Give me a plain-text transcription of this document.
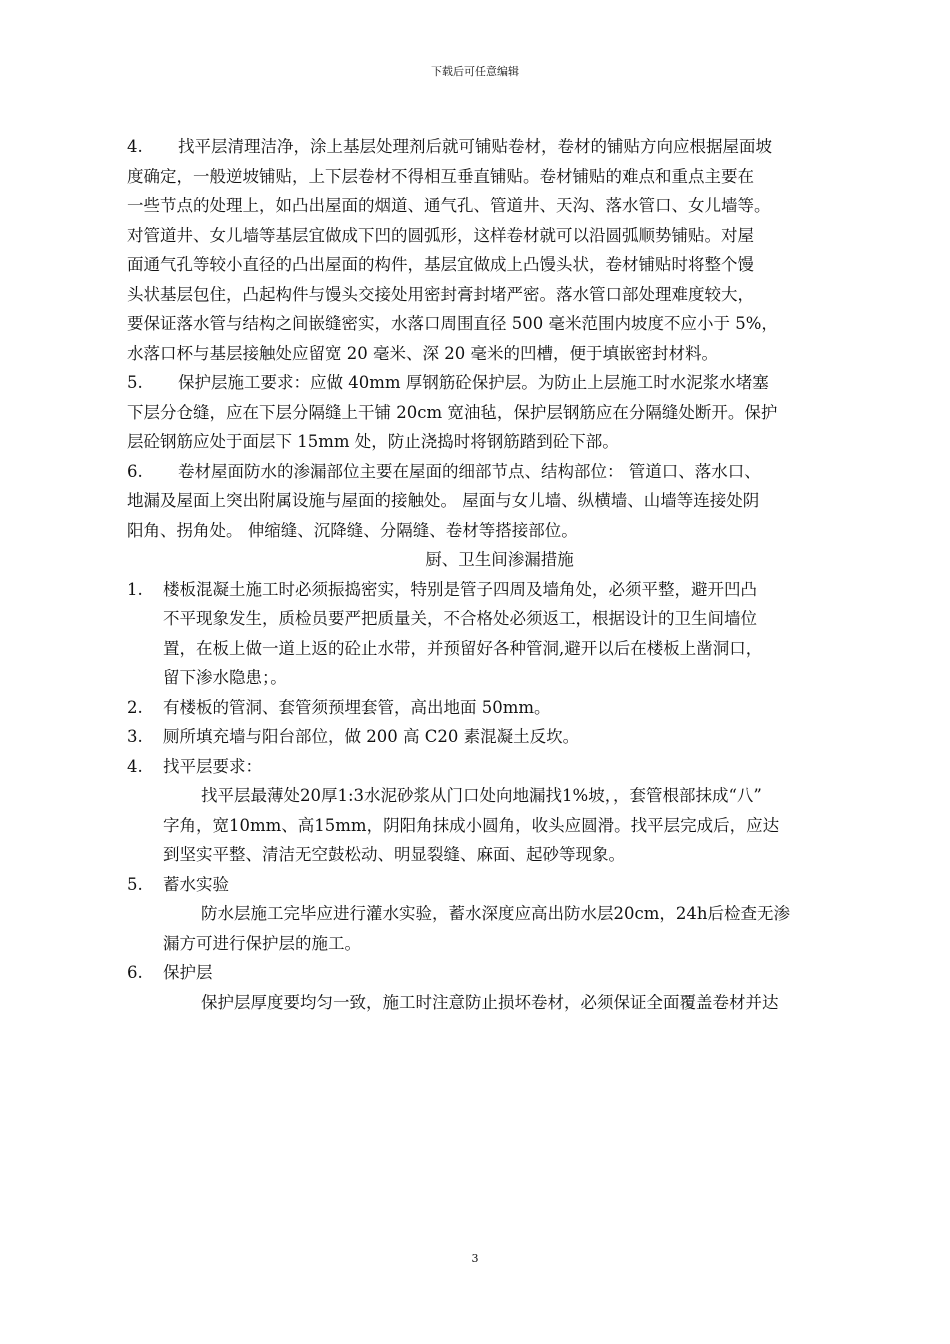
下载后可任意编辑
4. 找平层清理洁净，涂上基层处理剂后就可铺贴卷材，卷材的铺贴方向应根据屋面坡
度确定，一般逆坡铺贴，上下层卷材不得相互垂直铺贴。卷材铺贴的难点和重点主要在
一些节点的处理上，如凸出屋面的烟道、通气孔、管道井、天沟、落水管口、女儿墙等。
对管道井、女儿墙等基层宜做成下凹的圆弧形，这样卷材就可以沿圆弧顺势铺贴。对屋
面通气孔等较小直径的凸出屋面的构件，基层宜做成上凸馒头状，卷材铺贴时将整个馒
头状基层包住，凸起构件与馒头交接处用密封膏封堵严密。落水管口部处理难度较大，
要保证落水管与结构之间嵌缝密实，水落口周围直径 500 毫米范围内坡度不应小于 5%，
水落口杯与基层接触处应留宽 20 毫米、深 20 毫米的凹槽，便于填嵌密封材料。
5. 保护层施工要求：应做 40mm 厚钢筋砼保护层。为防止上层施工时水泥浆水堵塞
下层分仓缝，应在下层分隔缝上干铺 20cm 宽油毡，保护层钢筋应在分隔缝处断开。保护
层砼钢筋应处于面层下 15mm 处，防止浇捣时将钢筋踏到砼下部。
6. 卷材屋面防水的渗漏部位主要在屋面的细部节点、结构部位： 管道口、落水口、
地漏及屋面上突出附属设施与屋面的接触处。 屋面与女儿墙、纵横墙、山墙等连接处阴
阳角、拐角处。 伸缩缝、沉降缝、分隔缝、卷材等搭接部位。
厨、卫生间渗漏措施
1. 楼板混凝土施工时必须振捣密实，特别是管子四周及墙角处，必须平整，避开凹凸
不平现象发生，质检员要严把质量关，不合格处必须返工，根据设计的卫生间墙位
置，在板上做一道上返的砼止水带，并预留好各种管洞,避开以后在楼板上凿洞口，
留下渗水隐患；。
2. 有楼板的管洞、套管须预埋套管，高出地面 50mm。
3. 厕所填充墙与阳台部位，做 200 高 C20 素混凝土反坎。
4. 找平层要求：
找平层最薄处20厚1:3水泥砂浆从门口处向地漏找1%坡，，套管根部抹成“八”
字角，宽10mm、高15mm，阴阳角抹成小圆角，收头应圆滑。找平层完成后，应达
到坚实平整、清洁无空鼓松动、明显裂缝、麻面、起砂等现象。
5. 蓄水实验
防水层施工完毕应进行灌水实验，蓄水深度应高出防水层20cm，24h后检查无渗
漏方可进行保护层的施工。
6. 保护层
保护层厚度要均匀一致，施工时注意防止损坏卷材，必须保证全面覆盖卷材并达
3
